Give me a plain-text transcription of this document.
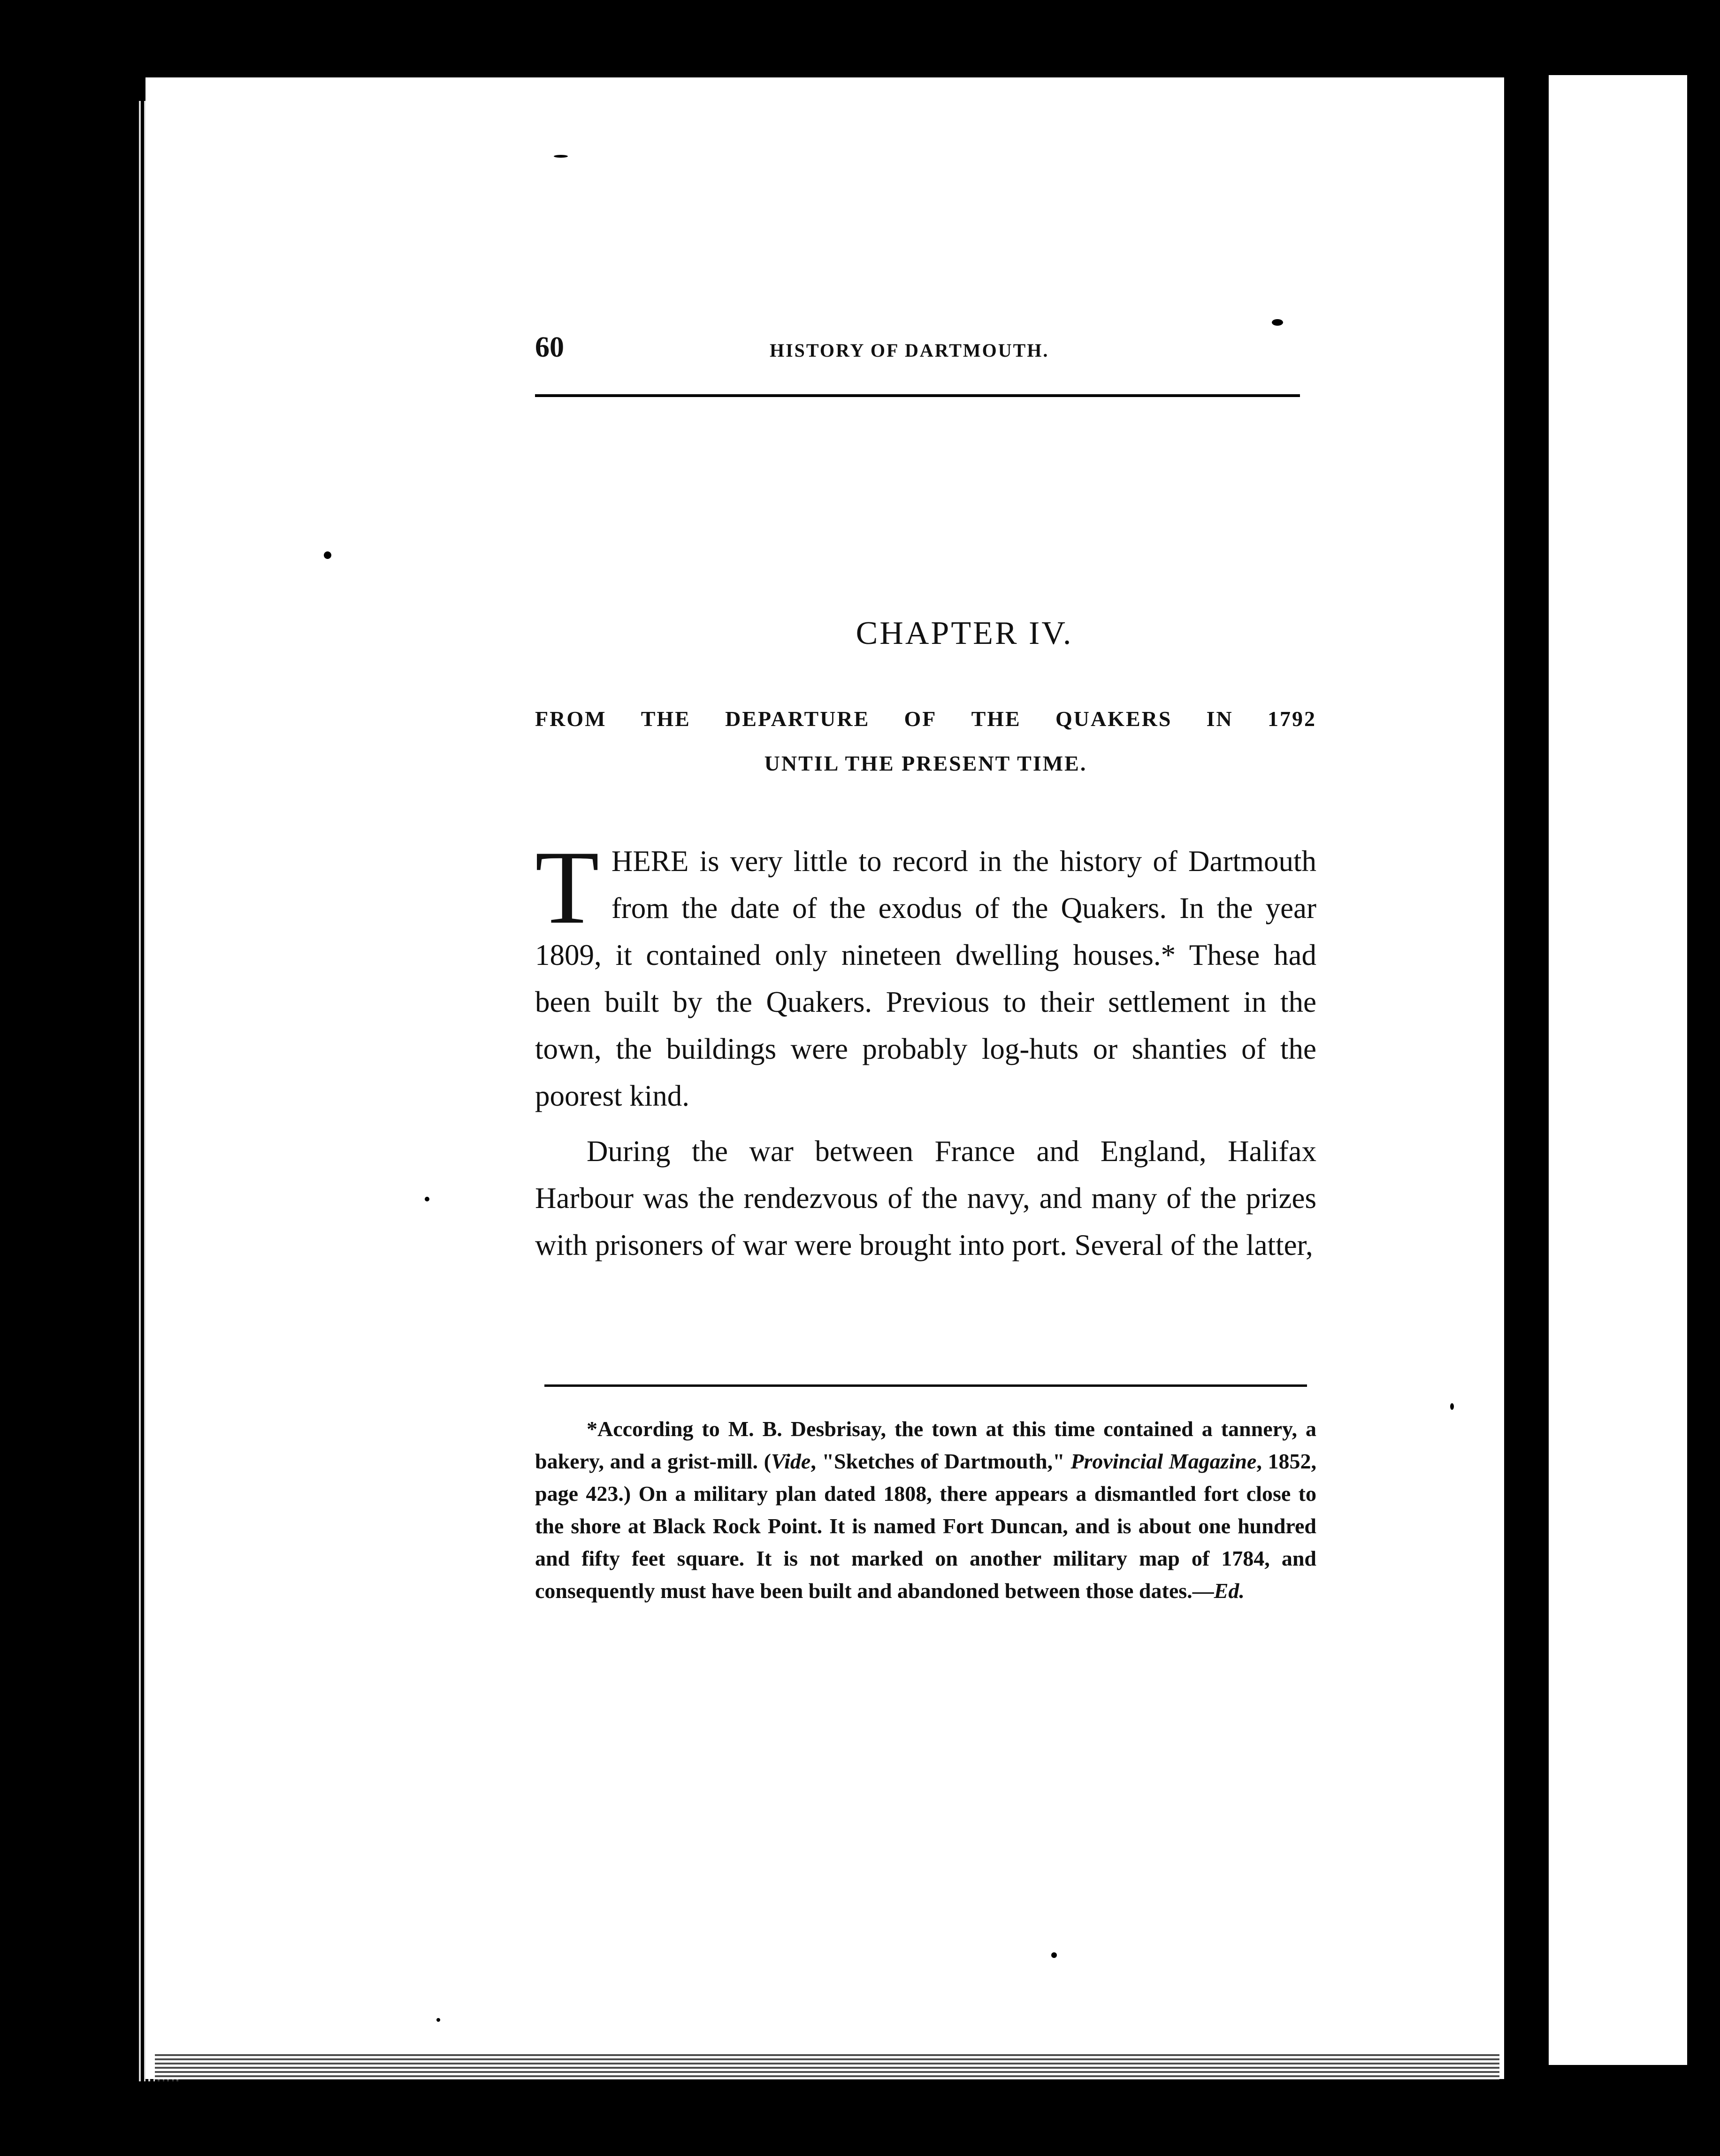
60	HISTORY OF DARTMOUTH.
CHAPTER IV.
FROM THE DEPARTURE OF THE QUAKERS IN 1792
UNTIL THE PRESENT TIME.

THERE is very little to record in the history of Dartmouth from the date of the exodus of the Quakers. In the year 1809, it contained only nineteen dwelling houses.* These had been built by the Quakers. Previous to their settlement in the town, the buildings were probably log-huts or shanties of the poorest kind.

During the war between France and England, Halifax Harbour was the rendezvous of the navy, and many of the prizes with prisoners of war were brought into port. Several of the latter,

*According to M. B. Desbrisay, the town at this time contained a tannery, a bakery, and a grist-mill. (Vide, "Sketches of Dartmouth," Provincial Magazine, 1852, page 423.) On a military plan dated 1808, there appears a dismantled fort close to the shore at Black Rock Point. It is named Fort Duncan, and is about one hundred and fifty feet square. It is not marked on another military map of 1784, and consequently must have been built and abandoned between those dates.—Ed.
